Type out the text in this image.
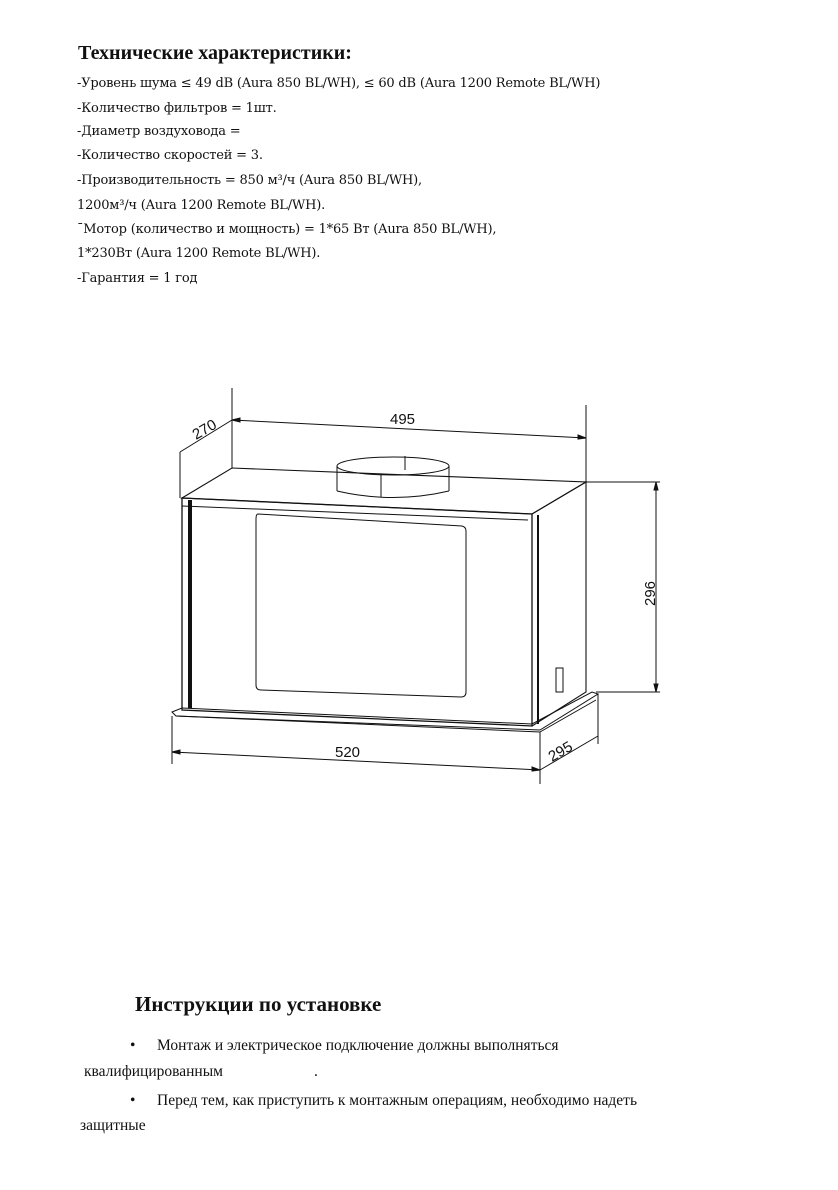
Технические характеристики:
-Уровень шума ≤ 49 dB (Aura 850 BL/WH), ≤ 60 dB (Aura 1200 Remote BL/WH)
-Количество фильтров = 1шт.
-Диаметр воздуховода =
-Количество скоростей = 3.
-Производительность = 850 м³/ч (Aura 850 BL/WH),
1200м³/ч (Aura 1200 Remote BL/WH).
¯Мотор (количество и мощность) = 1*65 Вт (Aura 850 BL/WH),
1*230Вт (Aura 1200 Remote BL/WH).
-Гарантия = 1 год
495
270
296
520	295
Инструкции по установке
• Монтаж и электрическое подключение должны выполняться
квалифицированным	.
• Перед тем, как приступить к монтажным операциям, необходимо надеть
защитные
